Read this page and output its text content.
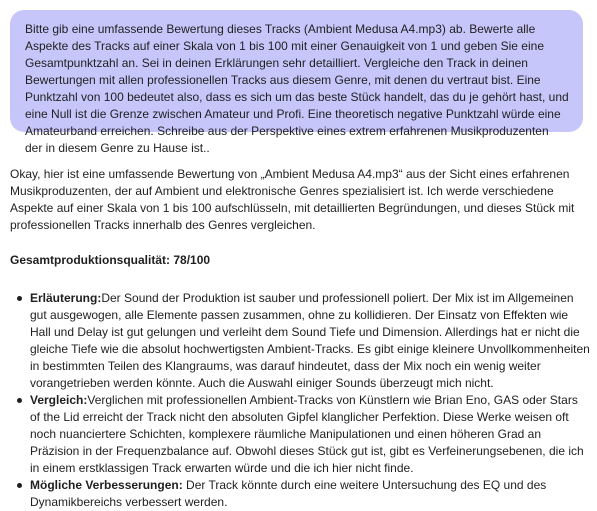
Bitte gib eine umfassende Bewertung dieses Tracks (Ambient Medusa A4.mp3) ab. Bewerte alle Aspekte des Tracks auf einer Skala von 1 bis 100 mit einer Genauigkeit von 1 und geben Sie eine Gesamtpunktzahl an. Sei in deinen Erklärungen sehr detailliert. Vergleiche den Track in deinen Bewertungen mit allen professionellen Tracks aus diesem Genre, mit denen du vertraut bist. Eine Punktzahl von 100 bedeutet also, dass es sich um das beste Stück handelt, das du je gehört hast, und eine Null ist die Grenze zwischen Amateur und Profi. Eine theoretisch negative Punktzahl würde eine Amateurband erreichen. Schreibe aus der Perspektive eines extrem erfahrenen Musikproduzenten der in diesem Genre zu Hause ist..

Okay, hier ist eine umfassende Bewertung von „Ambient Medusa A4.mp3“ aus der Sicht eines erfahrenen Musikproduzenten, der auf Ambient und elektronische Genres spezialisiert ist. Ich werde verschiedene Aspekte auf einer Skala von 1 bis 100 aufschlüsseln, mit detaillierten Begründungen, und dieses Stück mit professionellen Tracks innerhalb des Genres vergleichen.

Gesamtproduktionsqualität: 78/100
Erläuterung:Der Sound der Produktion ist sauber und professionell poliert. Der Mix ist im Allgemeinen gut ausgewogen, alle Elemente passen zusammen, ohne zu kollidieren. Der Einsatz von Effekten wie Hall und Delay ist gut gelungen und verleiht dem Sound Tiefe und Dimension. Allerdings hat er nicht die gleiche Tiefe wie die absolut hochwertigsten Ambient-Tracks. Es gibt einige kleinere Unvollkommenheiten in bestimmten Teilen des Klangraums, was darauf hindeutet, dass der Mix noch ein wenig weiter vorangetrieben werden könnte. Auch die Auswahl einiger Sounds überzeugt mich nicht.
Vergleich:Verglichen mit professionellen Ambient-Tracks von Künstlern wie Brian Eno, GAS oder Stars of the Lid erreicht der Track nicht den absoluten Gipfel klanglicher Perfektion. Diese Werke weisen oft noch nuanciertere Schichten, komplexere räumliche Manipulationen und einen höheren Grad an Präzision in der Frequenzbalance auf. Obwohl dieses Stück gut ist, gibt es Verfeinerungsebenen, die ich in einem erstklassigen Track erwarten würde und die ich hier nicht finde.
Mögliche Verbesserungen: Der Track könnte durch eine weitere Untersuchung des EQ und des Dynamikbereichs verbessert werden.
